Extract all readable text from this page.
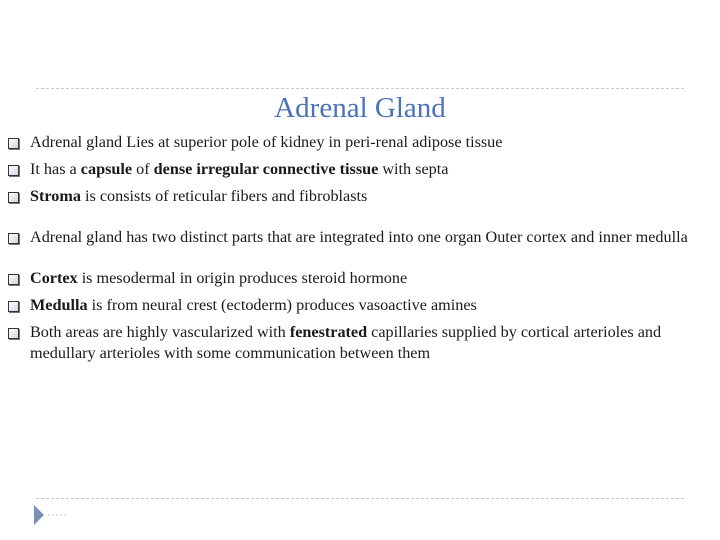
Adrenal Gland
Adrenal gland Lies at superior pole of kidney in peri-renal adipose tissue
It has a capsule of dense irregular connective tissue with septa
Stroma is consists of reticular fibers and fibroblasts
Adrenal gland has two distinct parts that are integrated into one organ Outer cortex and inner medulla
Cortex is mesodermal in origin produces steroid hormone
Medulla is from neural crest (ectoderm) produces vasoactive amines
Both areas are highly vascularized with fenestrated capillaries supplied by cortical arterioles and medullary arterioles with some communication between them
